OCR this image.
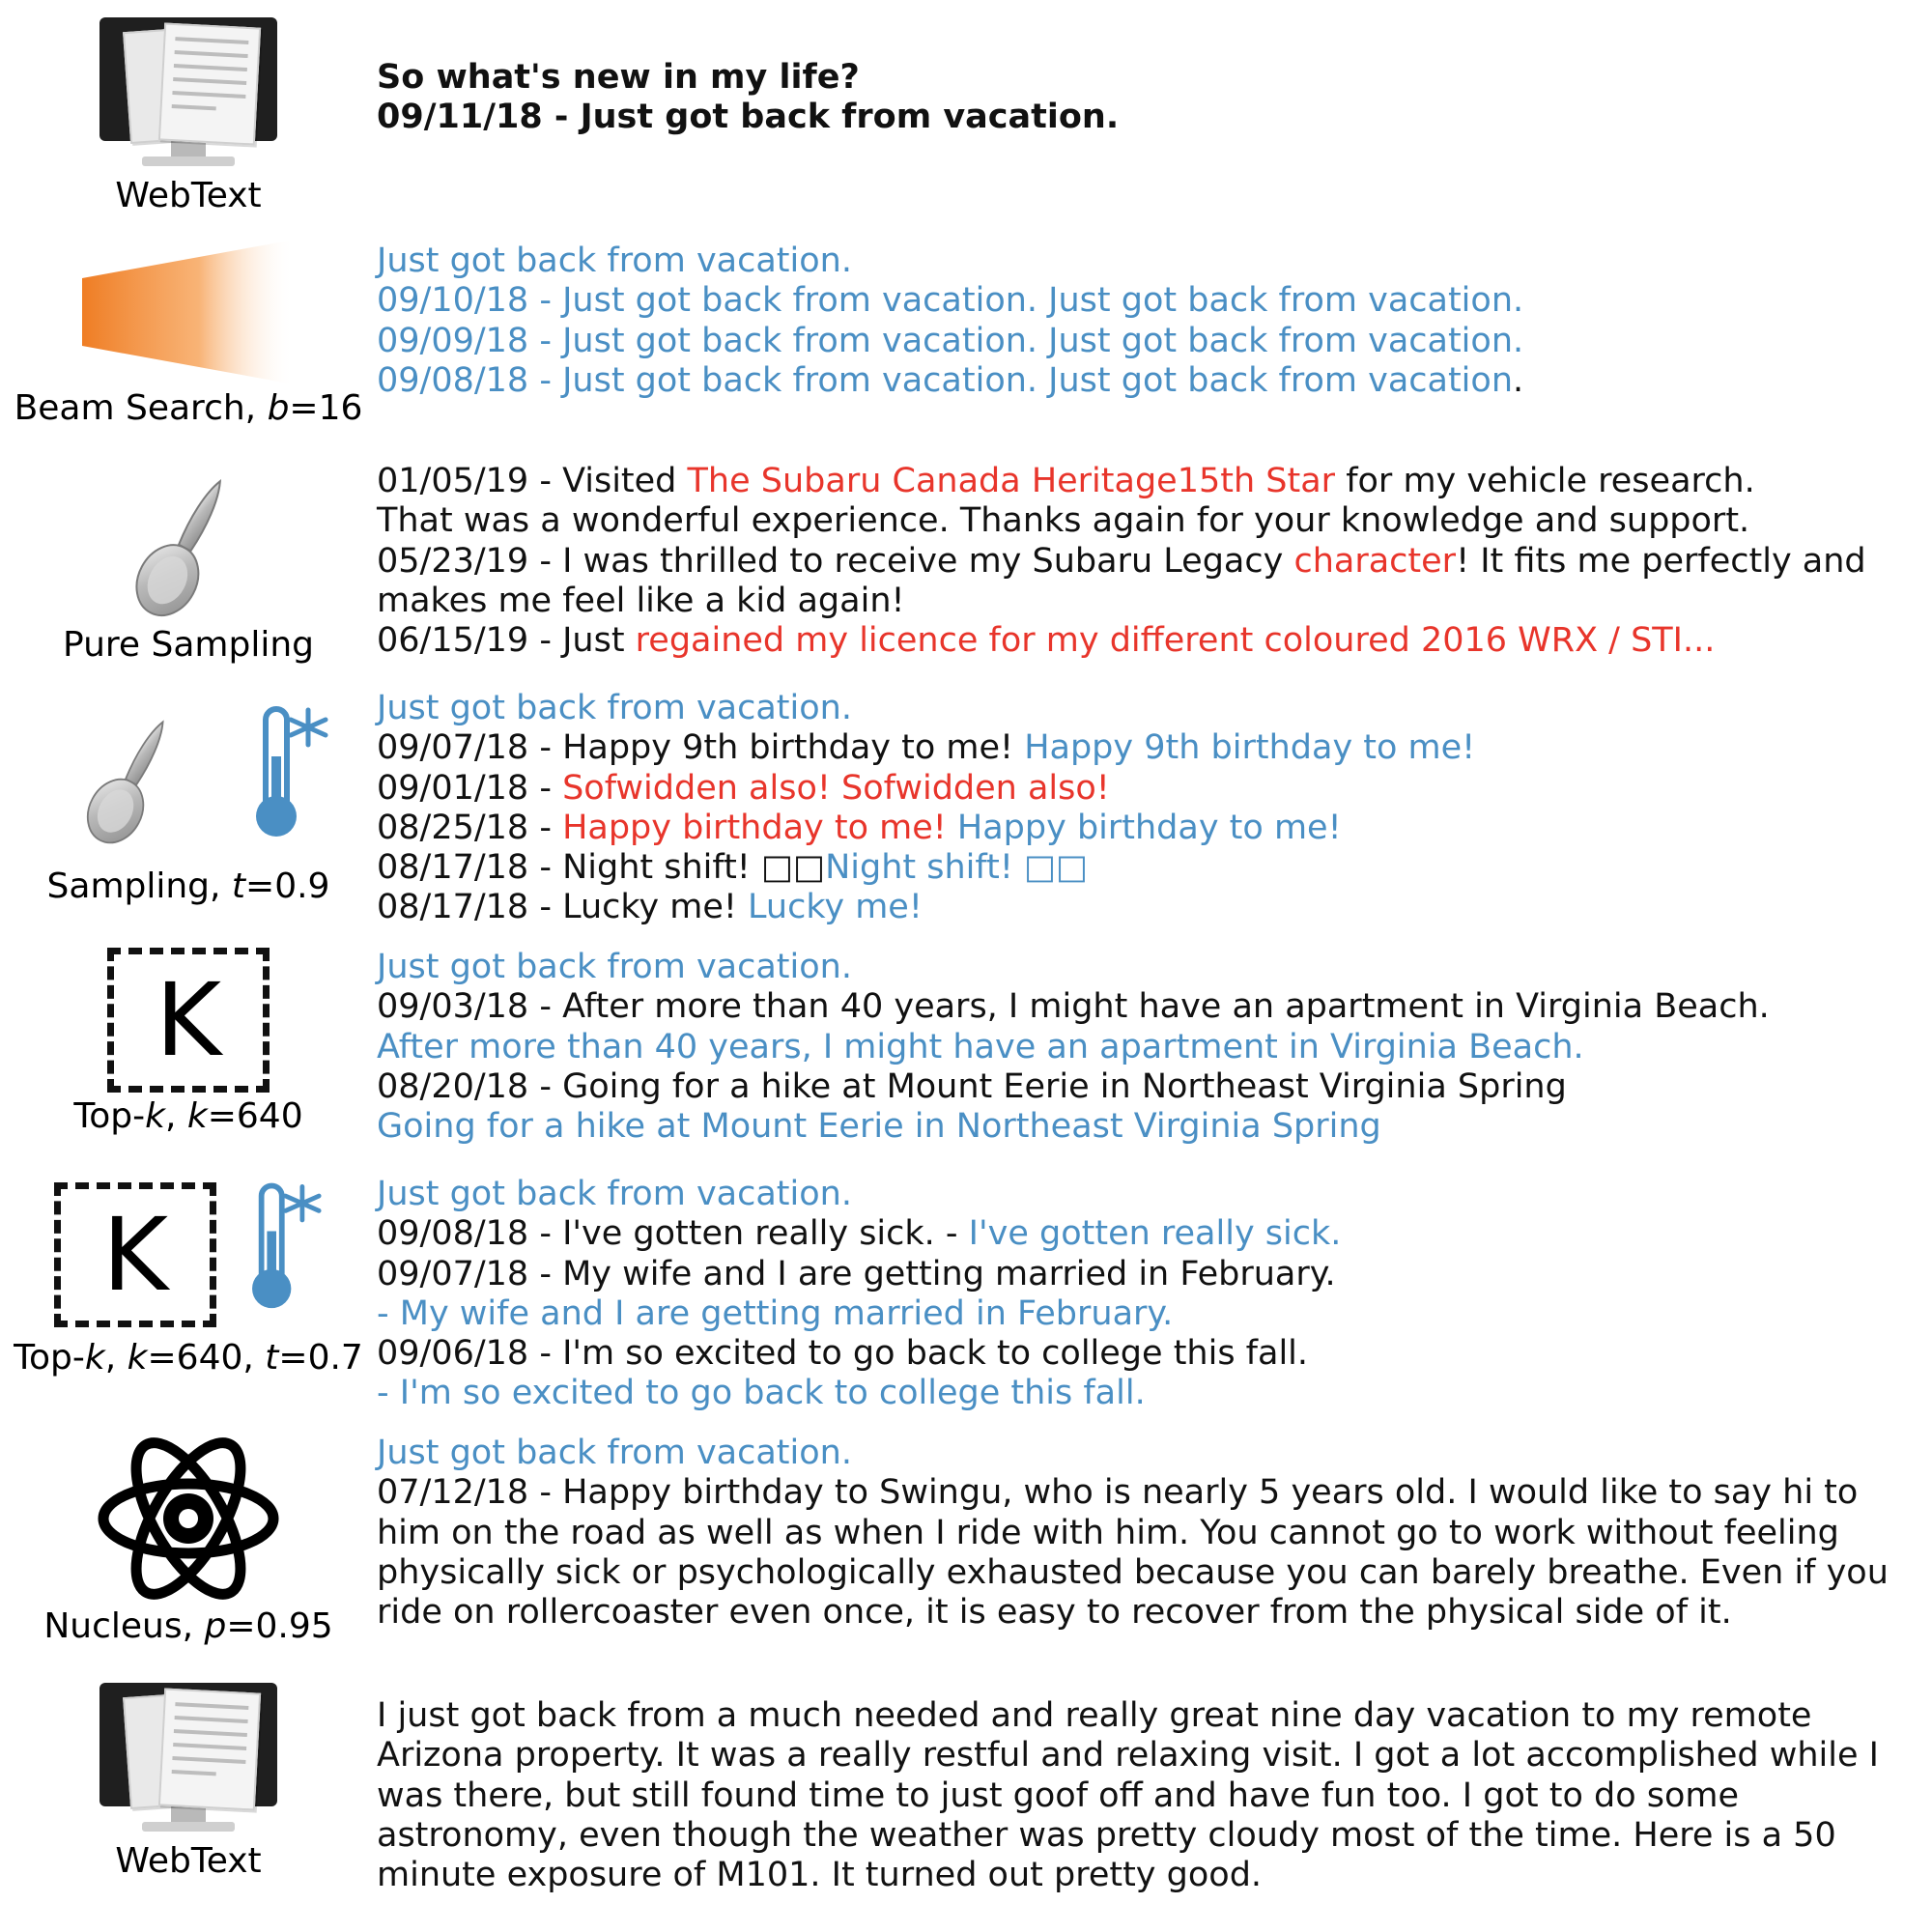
WebText

So what's new in my life?

09/11/18 - Just got back from vacation.

Beam Search, b=16

Just got back from vacation.

09/10/18 - Just got back from vacation. Just got back from vacation.

09/09/18 - Just got back from vacation. Just got back from vacation.

09/08/18 - Just got back from vacation. Just got back from vacation.

Pure Sampling

01/05/19 - Visited The Subaru Canada Heritage15th Star for my vehicle research.

That was a wonderful experience. Thanks again for your knowledge and support.

05/23/19 - I was thrilled to receive my Subaru Legacy character! It fits me perfectly and

makes me feel like a kid again!

06/15/19 - Just regained my licence for my different coloured 2016 WRX / STI...

Sampling, t=0.9

Just got back from vacation.

09/07/18 - Happy 9th birthday to me! Happy 9th birthday to me!

09/01/18 - Sofwidden also! Sofwidden also!

08/25/18 - Happy birthday to me! Happy birthday to me!

08/17/18 - Night shift! □□Night shift! □□

08/17/18 - Lucky me! Lucky me!

K
Top-k, k=640

Just got back from vacation.

09/03/18 - After more than 40 years, I might have an apartment in Virginia Beach.

After more than 40 years, I might have an apartment in Virginia Beach.

08/20/18 - Going for a hike at Mount Eerie in Northeast Virginia Spring

Going for a hike at Mount Eerie in Northeast Virginia Spring

K
Top-k, k=640, t=0.7

Just got back from vacation.

09/08/18 - I've gotten really sick. - I've gotten really sick.

09/07/18 - My wife and I are getting married in February.

- My wife and I are getting married in February.

09/06/18 - I'm so excited to go back to college this fall.

- I'm so excited to go back to college this fall.

Nucleus, p=0.95

Just got back from vacation.

07/12/18 - Happy birthday to Swingu, who is nearly 5 years old. I would like to say hi to

him on the road as well as when I ride with him. You cannot go to work without feeling

physically sick or psychologically exhausted because you can barely breathe. Even if you

ride on rollercoaster even once, it is easy to recover from the physical side of it.

WebText

I just got back from a much needed and really great nine day vacation to my remote

Arizona property. It was a really restful and relaxing visit. I got a lot accomplished while I

was there, but still found time to just goof off and have fun too. I got to do some

astronomy, even though the weather was pretty cloudy most of the time. Here is a 50

minute exposure of M101. It turned out pretty good.
